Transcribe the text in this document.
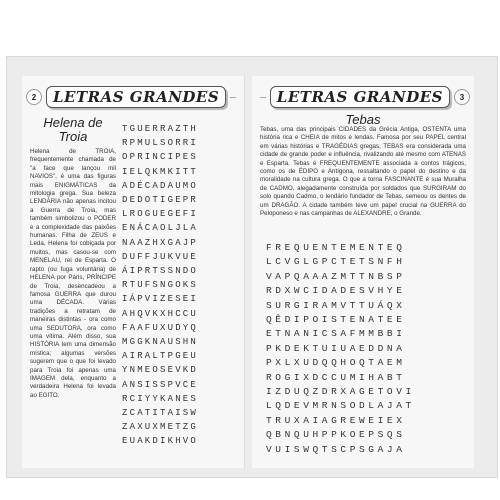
2	LETRAS GRANDES
Helena de Troia
Helena de TROIA, frequentemente chamada de "a face que lançou mil NAVIOS", é uma das figuras mais ENIGMÁTICAS da mitologia grega. Sua beleza LENDÁRIA não apenas incitou a Guerra de Troia, mas também simbolizou o PODER e a complexidade das paixões humanas. Filha de ZEUS e Leda, Helena foi cobiçada por muitos, mas casou-se com MENELAU, rei de Esparta. O rapto (ou fuga voluntária) de HELENA por Páris, PRÍNCIPE de Troia, desencadeou a famosa GUERRA que durou uma DÉCADA. Várias tradições a retratam de maneiras distintas - ora como uma SEDUTORA, ora como uma vítima. Além disso, sua HISTÓRIA tem uma dimensão mística; algumas versões sugerem que o que foi levado para Troia foi apenas uma IMAGEM dela, enquanto a verdadeira Helena foi levada ao EGITO.
TGUERRAZTH
RPMULSORRI
OPRINCIPES
IELQKMKITT
ADÉCADAUMO
DEDOTIGEPR
LROGUEGEFI
ENÁCAOLJLA
NAAZHXGAJP
DUFFJUKVUE
ÁIPRTSSNDO
RTUFSNGOKS
IÁPVIZESEI
AHQVKXHCCU
FAAFUXUDYQ
MGGKNAUSHN
AIRALTPGEU
YNMEOSEVKD
ANSISSPVCE
RCIYYKANES
ZCATITAISW
ZAXUXMETZG
EUAKDIKHVO
LETRAS GRANDES	3
Tebas
Tebas, uma das principais CIDADES da Grécia Antiga, OSTENTA uma história rica e CHEIA de mitos e lendas. Famosa por seu PAPEL central em várias histórias e TRAGÉDIAS gregas, TEBAS era considerada uma cidade de grande poder e influência, rivalizando até mesmo com ATENAS e Esparta. Tebas é FREQUENTEMENTE associada a contos trágicos, como os de ÉDIPO e Antígona, ressaltando o papel do destino e da moralidade na cultura grega. O que a torna FASCINANTE é sua Muralha de CADMO, alegadamente construída por soldados que SURGIRAM do solo quando Cadmo, o lendário fundador de Tebas, semeou os dentes de um DRAGÃO. A cidade também teve um papel crucial na GUERRA do Peloponeso e nas campanhas de ALEXANDRE, o Grande.
FREQUENTEMENTEQ
LCVGLGPCTETSNFH
VAPQAAAZMTTNBSP
RDXWCIDADESVHYE
SURGIRAMVTTUÁQX
QÊDIPOISTENATEE
ETNANICSAFMMBBI
PKDEKTUIUAEDDNA
PXLXUDQQHOQTAEM
ROGIXDCCUMIHABT
IZDUQZDRXAGETOVI
LQDEVMRNSODLAJAT
TRUXAIAGREWEIEX
QBNQUHPPKOEPSQS
VUISWQTSCPSGAJA
